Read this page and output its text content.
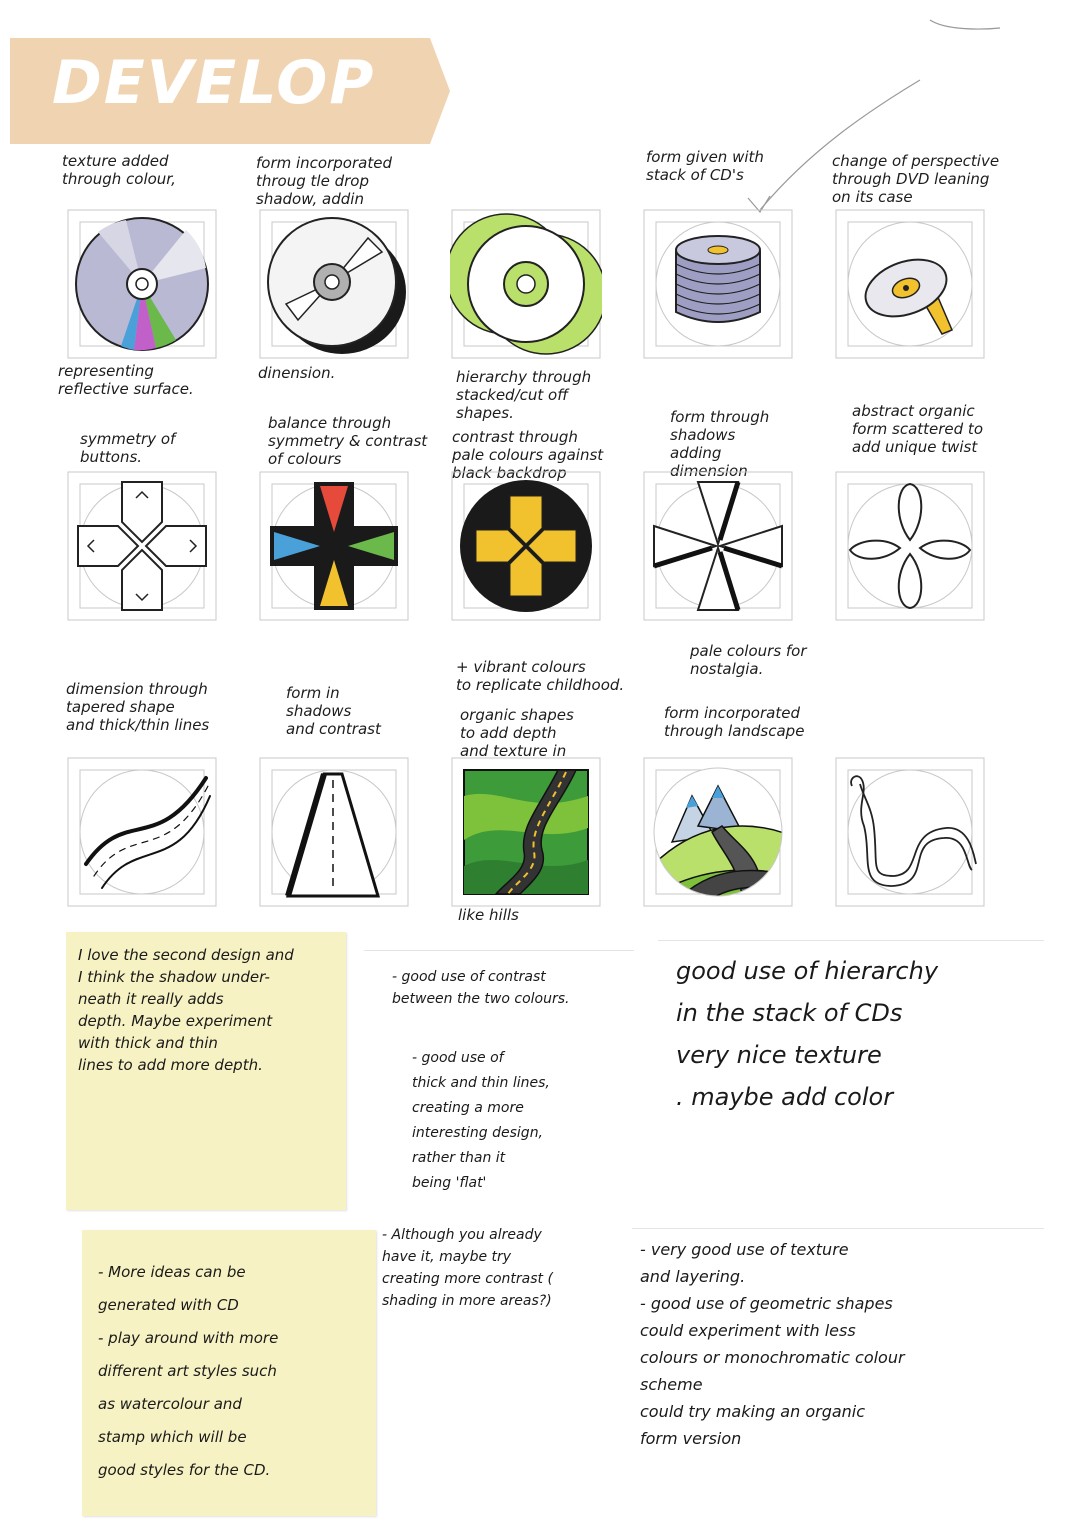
DEVELOP
texture added
through colour,
representing
reflective surface.
form incorporated
throug tle drop
shadow, addin
dinension.	hierarchy through
stacked/cut off
shapes.
form given with
stack of CD's
change of perspective
through DVD leaning
on its case
symmetry of
buttons.
balance through
symmetry & contrast
of colours
contrast through
pale colours against
black backdrop
form through
shadows
adding
dimension
abstract organic
form scattered to
add unique twist
dimension through
tapered shape
and thick/thin lines
form in
shadows
and contrast
+ vibrant colours
to replicate childhood.
organic shapes
to add depth
and texture in
like hills
pale colours for
nostalgia.
form incorporated
through landscape
I love the second design and
I think the shadow under-
neath it really adds
depth. Maybe experiment
with thick and thin
lines to add more depth.
- good use of contrast
between the two colours.
- good use of
thick and thin lines,
creating a more
interesting design,
rather than it
being 'flat'
good use of hierarchy
in the stack of CDs
very nice texture
. maybe add color
- More ideas can be
generated with CD
- play around with more
different art styles such
as watercolour and
stamp which will be
good styles for the CD.
- Although you already
have it, maybe try
creating more contrast (
shading in more areas?)
- very good use of texture
and layering.
- good use of geometric shapes
could experiment with less
colours or monochromatic colour
scheme
could try making an organic
form version
